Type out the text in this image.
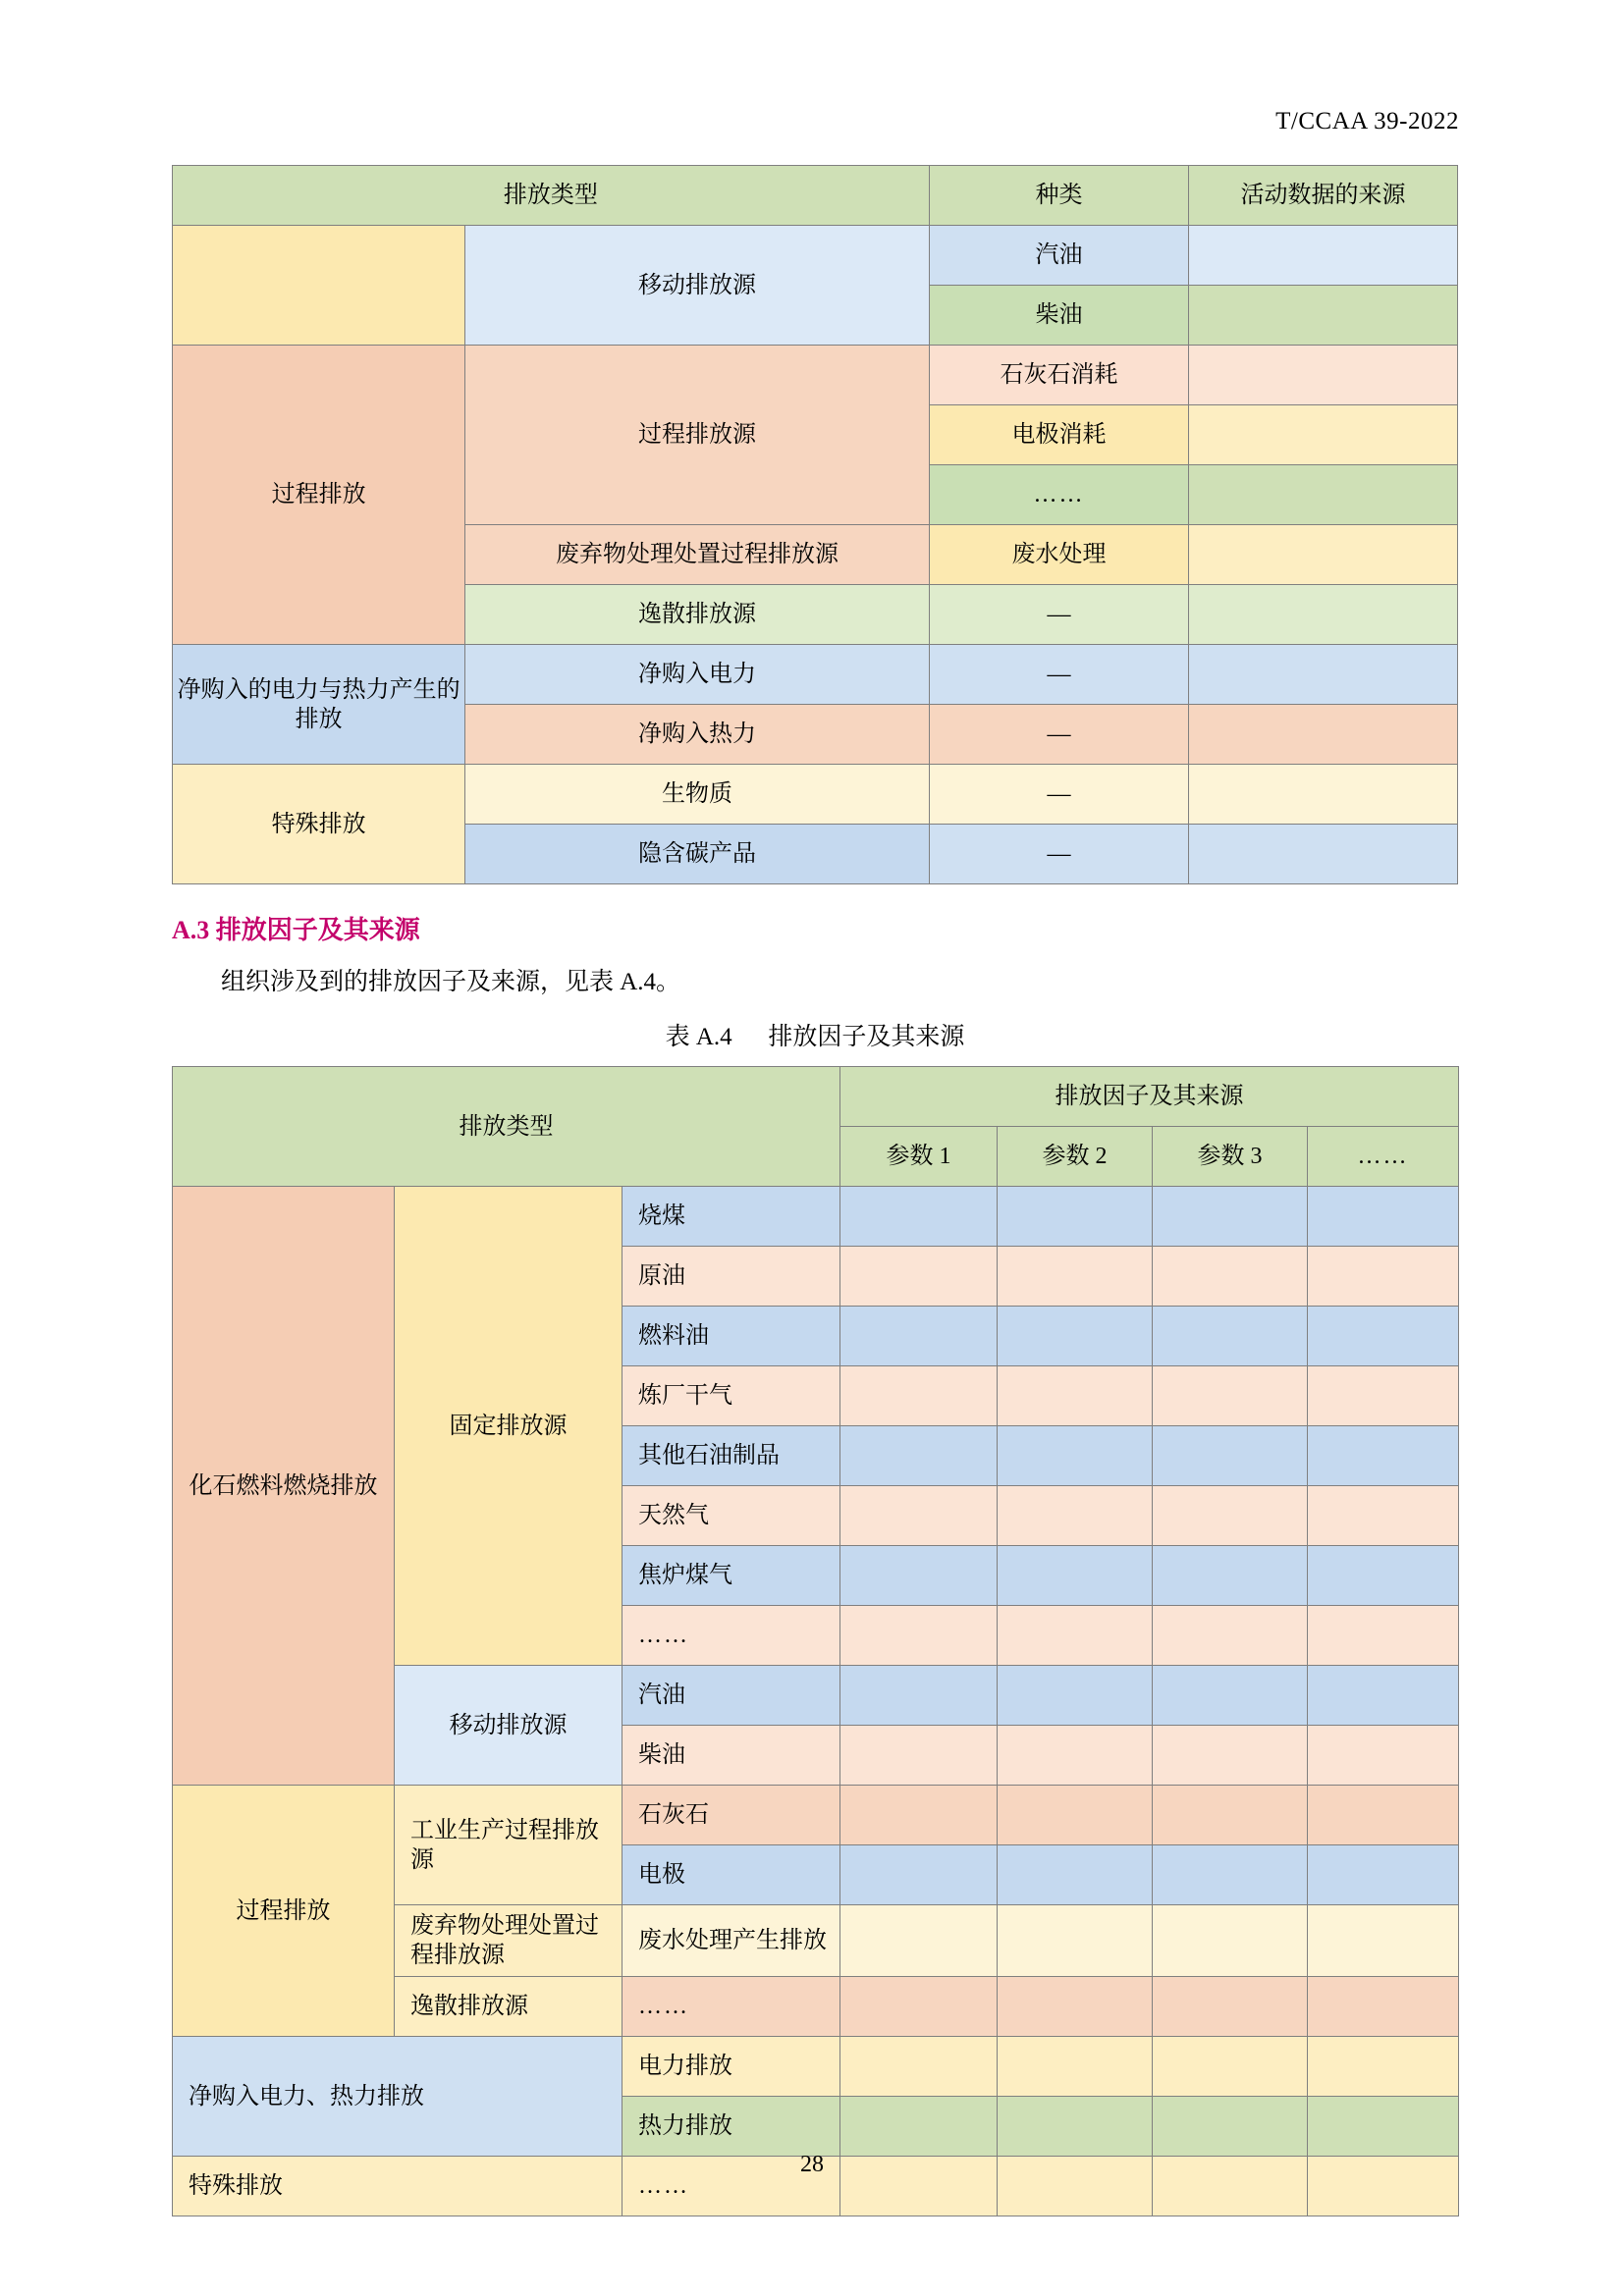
T/CCAA 39-2022
排放类型		种类	活动数据的来源
	移动排放源	汽油	
		柴油	
过程排放	过程排放源	石灰石消耗	
		电极消耗	
		……	
	废弃物处理处置过程排放源	废水处理	
	逸散排放源	—	
净购入的电力与热力产生的排放	净购入电力	—	
	净购入热力	—	
特殊排放	生物质	—	
	隐含碳产品	—	
A.3 排放因子及其来源
组织涉及到的排放因子及来源，见表 A.4。
表 A.4 排放因子及其来源
排放类型			排放因子及其来源			
			参数 1	参数 2	参数 3	……
化石燃料燃烧排放	固定排放源	烧煤				
		原油				
		燃料油				
		炼厂干气				
		其他石油制品				
		天然气				
		焦炉煤气				
		……				
	移动排放源	汽油				
		柴油				
过程排放	工业生产过程排放源	石灰石				
		电极				
	废弃物处理处置过程排放源	废水处理产生排放				
	逸散排放源	……				
净购入电力、热力排放		电力排放				
		热力排放				
特殊排放		……				
28
